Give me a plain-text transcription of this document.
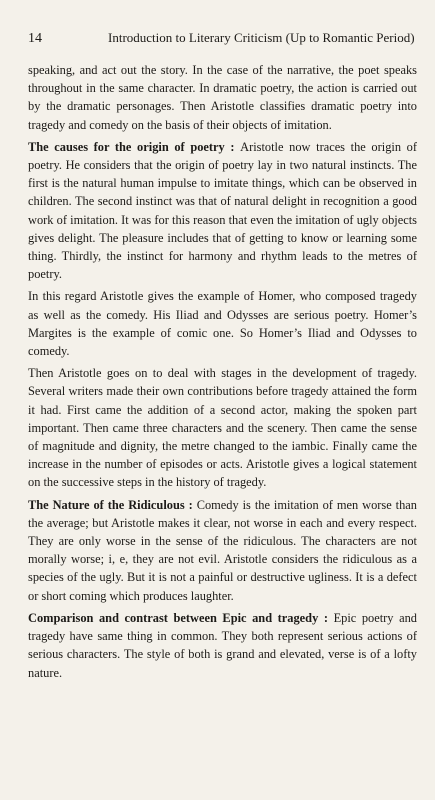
14	Introduction to Literary Criticism (Up to Romantic Period)

speaking, and act out the story. In the case of the narrative, the poet speaks throughout in the same character. In dramatic poetry, the action is carried out by the dramatic personages. Then Aristotle classifies dramatic poetry into tragedy and comedy on the basis of their objects of imitation.

The causes for the origin of poetry : Aristotle now traces the origin of poetry. He considers that the origin of poetry lay in two natural instincts. The first is the natural human impulse to imitate things, which can be observed in children. The second instinct was that of natural delight in recognition a good work of imitation. It was for this reason that even the imitation of ugly objects gives delight. The pleasure includes that of getting to know or learning some thing. Thirdly, the instinct for harmony and rhythm leads to the metres of poetry.

In this regard Aristotle gives the example of Homer, who composed tragedy as well as the comedy. His Iliad and Odysses are serious poetry. Homer’s Margites is the example of comic one. So Homer’s Iliad and Odysses to comedy.

Then Aristotle goes on to deal with stages in the development of tragedy. Several writers made their own contributions before tragedy attained the form it had. First came the addition of a second actor, making the spoken part important. Then came three characters and the scenery. Then came the sense of magnitude and dignity, the metre changed to the iambic. Finally came the increase in the number of episodes or acts. Aristotle gives a logical statement on the successive steps in the history of tragedy.

The Nature of the Ridiculous : Comedy is the imitation of men worse than the average; but Aristotle makes it clear, not worse in each and every respect. They are only worse in the sense of the ridiculous. The characters are not morally worse; i, e, they are not evil. Aristotle considers the ridiculous as a species of the ugly. But it is not a painful or destructive ugliness. It is a defect or short coming which produces laughter.

Comparison and contrast between Epic and tragedy : Epic poetry and tragedy have same thing in common. They both represent serious actions of serious characters. The style of both is grand and elevated, verse is of a lofty nature.
